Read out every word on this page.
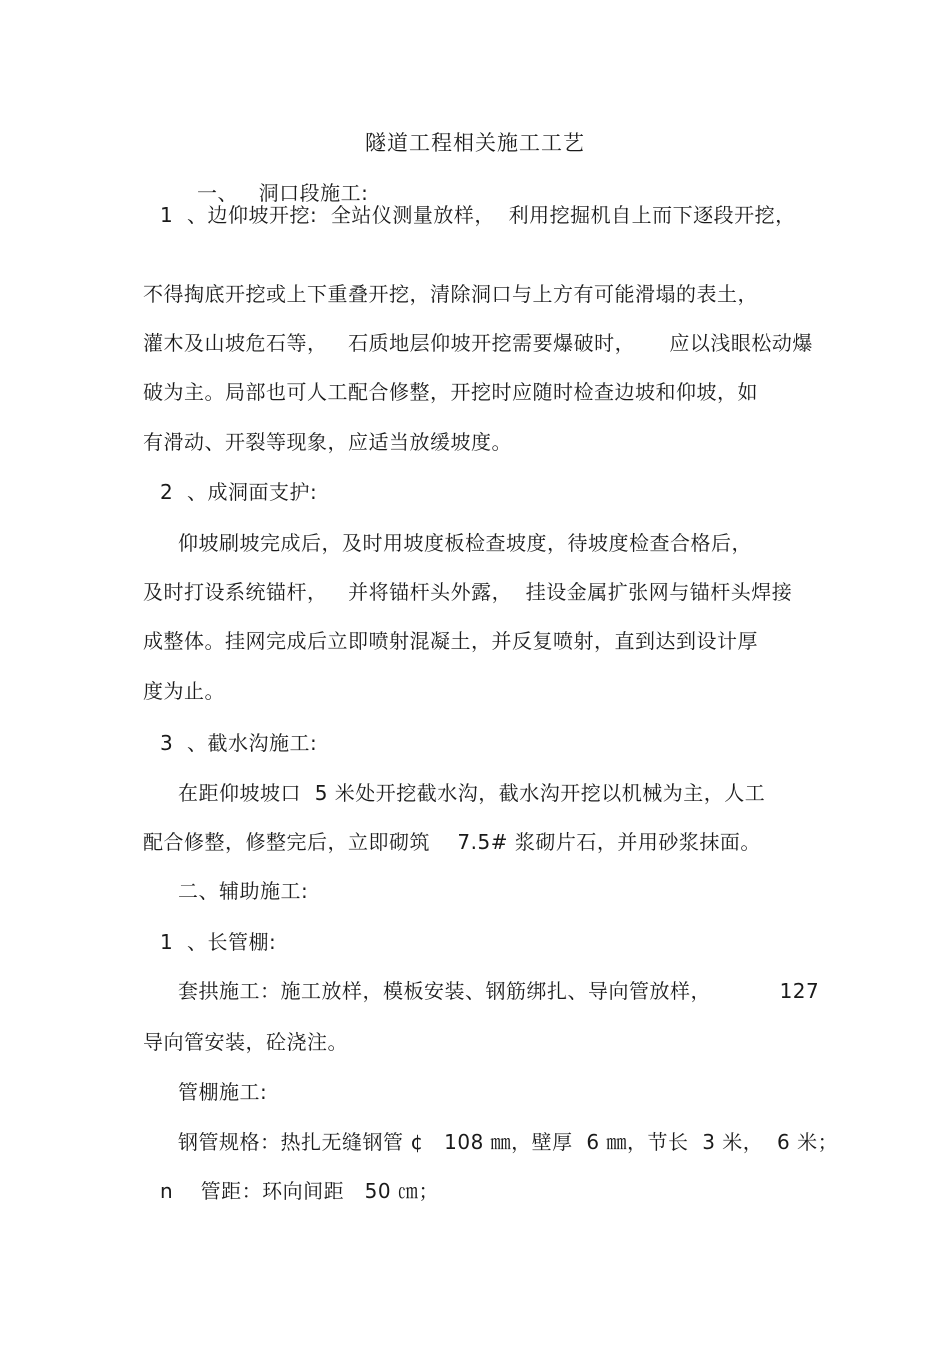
隧道工程相关施工工艺
一、   洞口段施工:
1  、边仰坡开挖:  全站仪测量放样，  利用挖掘机自上而下逐段开挖，
不得掏底开挖或上下重叠开挖，清除洞口与上方有可能滑塌的表土，
灌木及山坡危石等，   石质地层仰坡开挖需要爆破时，     应以浅眼松动爆
破为主。局部也可人工配合修整，开挖时应随时检查边坡和仰坡，如
有滑动、开裂等现象，应适当放缓坡度。
2  、成洞面支护:
仰坡刷坡完成后，及时用坡度板检查坡度，待坡度检查合格后，
及时打设系统锚杆，   并将锚杆头外露，  挂设金属扩张网与锚杆头焊接
成整体。挂网完成后立即喷射混凝土，并反复喷射，直到达到设计厚
度为止。
3  、截水沟施工:
在距仰坡坡口  5 米处开挖截水沟，截水沟开挖以机械为主，人工
配合修整，修整完后，立即砌筑    7.5# 浆砌片石，并用砂浆抹面。
二、辅助施工:
1  、长管棚:
套拱施工：施工放样，模板安装、钢筋绑扎、导向管放样，          127
导向管安装，砼浇注。
管棚施工:
钢管规格：热扎无缝钢管 ¢   108 ㎜，壁厚  6 ㎜，节长  3 米，  6 米；
n    管距：环向间距   50 ㎝；
